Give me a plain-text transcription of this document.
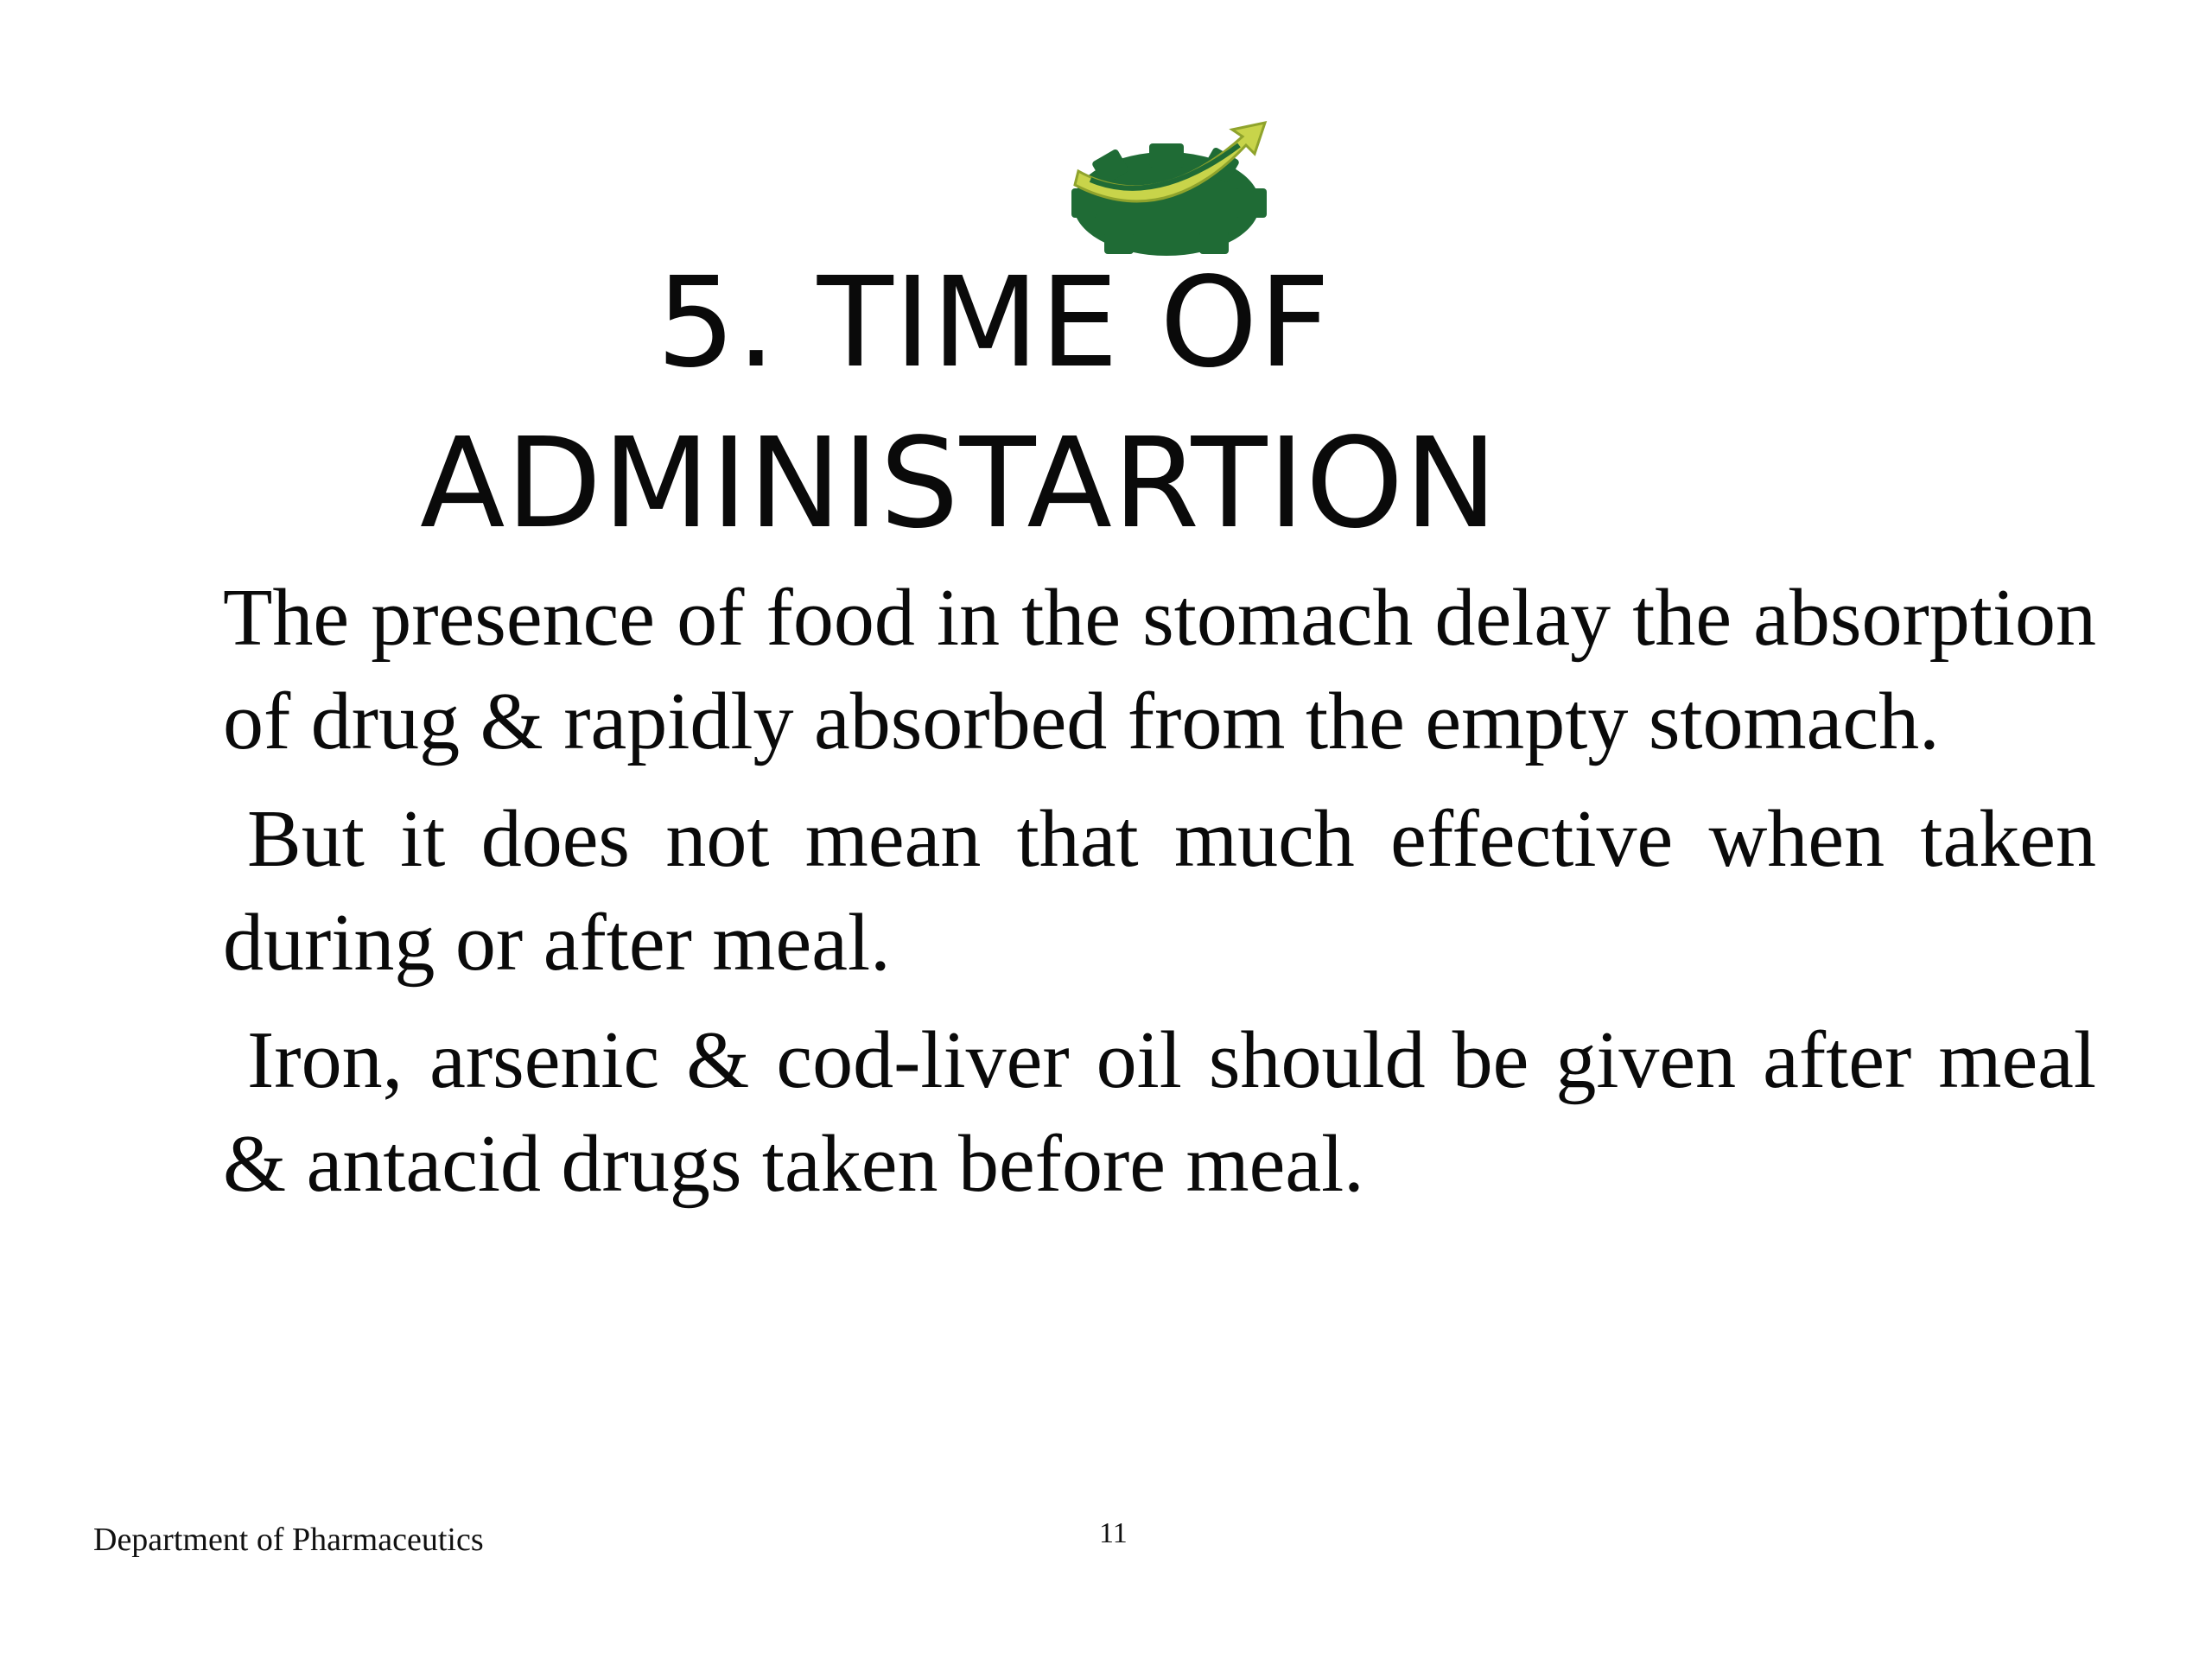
5. TIME OF
ADMINISTARTION

The presence of food in the stomach delay the absorption of drug & rapidly absorbed from the empty stomach.

But it does not mean that much effective when taken during or after meal.

Iron, arsenic & cod-liver oil should be given after meal & antacid drugs taken before meal.

Department of Pharmaceutics	11
